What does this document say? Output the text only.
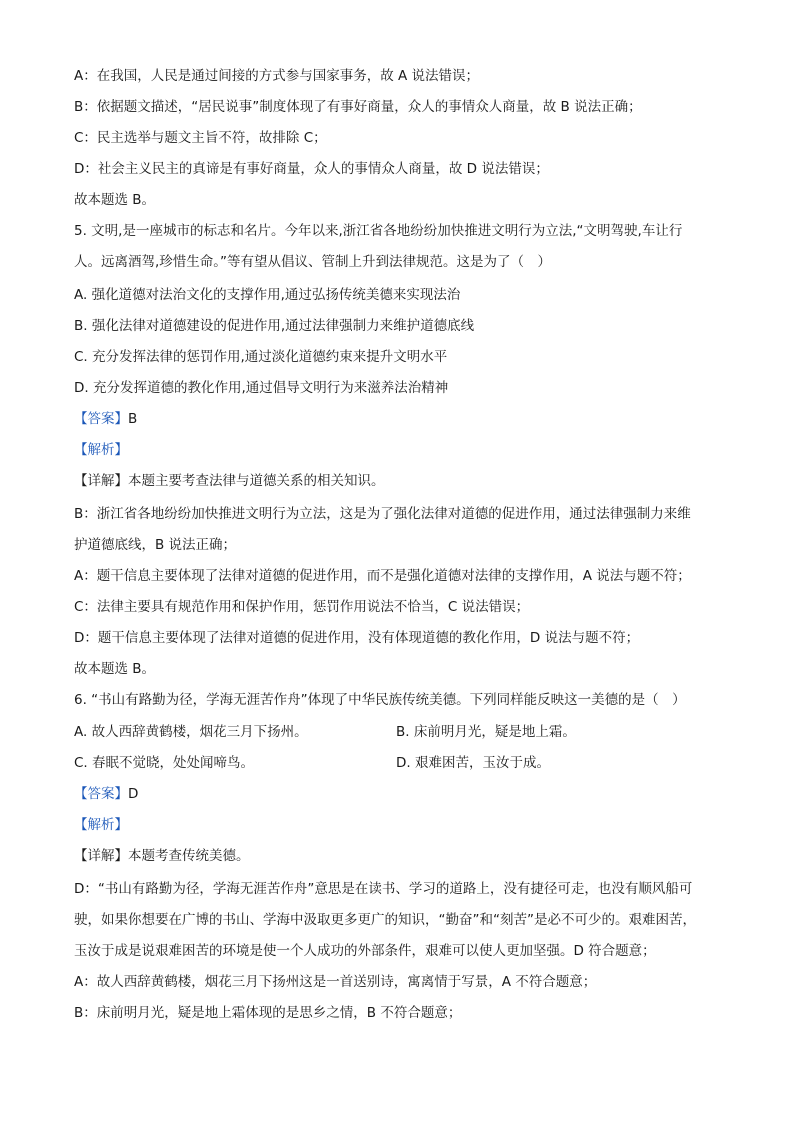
A：在我国，人民是通过间接的方式参与国家事务，故 A 说法错误；
B：依据题文描述，“居民说事”制度体现了有事好商量，众人的事情众人商量，故 B 说法正确；
C：民主选举与题文主旨不符，故排除 C；
D：社会主义民主的真谛是有事好商量，众人的事情众人商量，故 D 说法错误；
故本题选 B。
5. 文明,是一座城市的标志和名片。今年以来,浙江省各地纷纷加快推进文明行为立法,“文明驾驶,车让行
人。远离酒驾,珍惜生命。”等有望从倡议、管制上升到法律规范。这是为了（　）
A. 强化道德对法治文化的支撑作用,通过弘扬传统美德来实现法治
B. 强化法律对道德建设的促进作用,通过法律强制力来维护道德底线
C. 充分发挥法律的惩罚作用,通过淡化道德约束来提升文明水平
D. 充分发挥道德的教化作用,通过倡导文明行为来滋养法治精神
【答案】B
【解析】
【详解】本题主要考查法律与道德关系的相关知识。
B：浙江省各地纷纷加快推进文明行为立法，这是为了强化法律对道德的促进作用，通过法律强制力来维
护道德底线，B 说法正确；
A：题干信息主要体现了法律对道德的促进作用，而不是强化道德对法律的支撑作用，A 说法与题不符；
C：法律主要具有规范作用和保护作用，惩罚作用说法不恰当，C 说法错误；
D：题干信息主要体现了法律对道德的促进作用，没有体现道德的教化作用，D 说法与题不符；
故本题选 B。
6. “书山有路勤为径，学海无涯苦作舟”体现了中华民族传统美德。下列同样能反映这一美德的是（　）
A. 故人西辞黄鹤楼，烟花三月下扬州。	B. 床前明月光，疑是地上霜。
C. 春眠不觉晓，处处闻啼鸟。	D. 艰难困苦，玉汝于成。
【答案】D
【解析】
【详解】本题考查传统美德。
D：“书山有路勤为径，学海无涯苦作舟”意思是在读书、学习的道路上，没有捷径可走，也没有顺风船可
驶，如果你想要在广博的书山、学海中汲取更多更广的知识，“勤奋”和“刻苦”是必不可少的。艰难困苦，
玉汝于成是说艰难困苦的环境是使一个人成功的外部条件，艰难可以使人更加坚强。D 符合题意；
A：故人西辞黄鹤楼，烟花三月下扬州这是一首送别诗，寓离情于写景，A 不符合题意；
B：床前明月光，疑是地上霜体现的是思乡之情，B 不符合题意；
